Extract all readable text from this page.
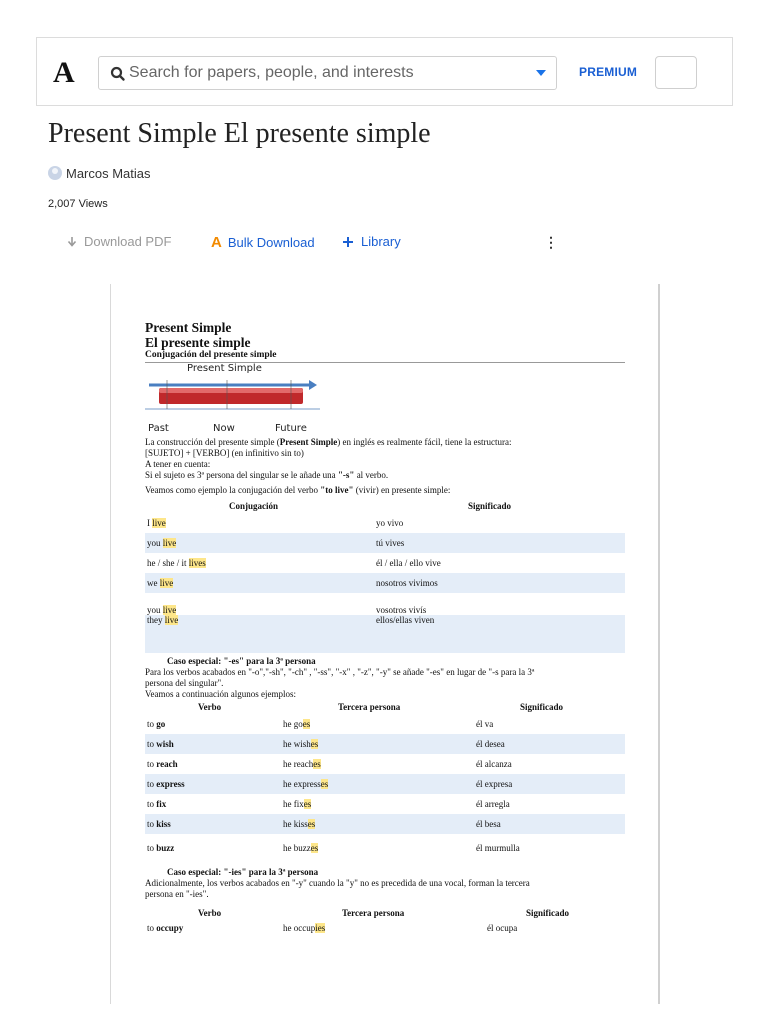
A
Search for papers, people, and interests	PREMIUM
Present Simple El presente simple
Marcos Matias
2,007 Views
Download PDF	A Bulk Download	Library	⋮
Present Simple
El presente simple
Conjugación del presente simple
Present Simple
Past	Now	Future
La construcción del presente simple (Present Simple) en inglés es realmente fácil, tiene la estructura:
[SUJETO] + [VERBO] (en infinitivo sin to)
A tener en cuenta:
Si el sujeto es 3ª persona del singular se le añade una "-s" al verbo.
Veamos como ejemplo la conjugación del verbo "to live" (vivir) en presente simple:
Conjugación	Significado
I live	yo vivo
you live	tú vives
he / she / it lives	él / ella / ello vive
we live	nosotros vivimos
you live	vosotros vivís
they live	ellos/ellas viven
Caso especial: "-es" para la 3ª persona
Para los verbos acabados en "-o","-sh", "-ch" , "-ss", "-x" , "-z", "-y" se añade "-es" en lugar de "-s para la 3ª
persona del singular".
Veamos a continuación algunos ejemplos:
Verbo	Tercera persona	Significado
to go	he goes	él va
to wish	he wishes	él desea
to reach	he reaches	él alcanza
to express	he expresses	él expresa
to fix	he fixes	él arregla
to kiss	he kisses	él besa
to buzz	he buzzes	él murmulla
Caso especial: "-ies" para la 3ª persona
Adicionalmente, los verbos acabados en "-y" cuando la "y" no es precedida de una vocal, forman la tercera
persona en "-ies".
Verbo	Tercera persona	Significado
to occupy	he occupies	él ocupa
